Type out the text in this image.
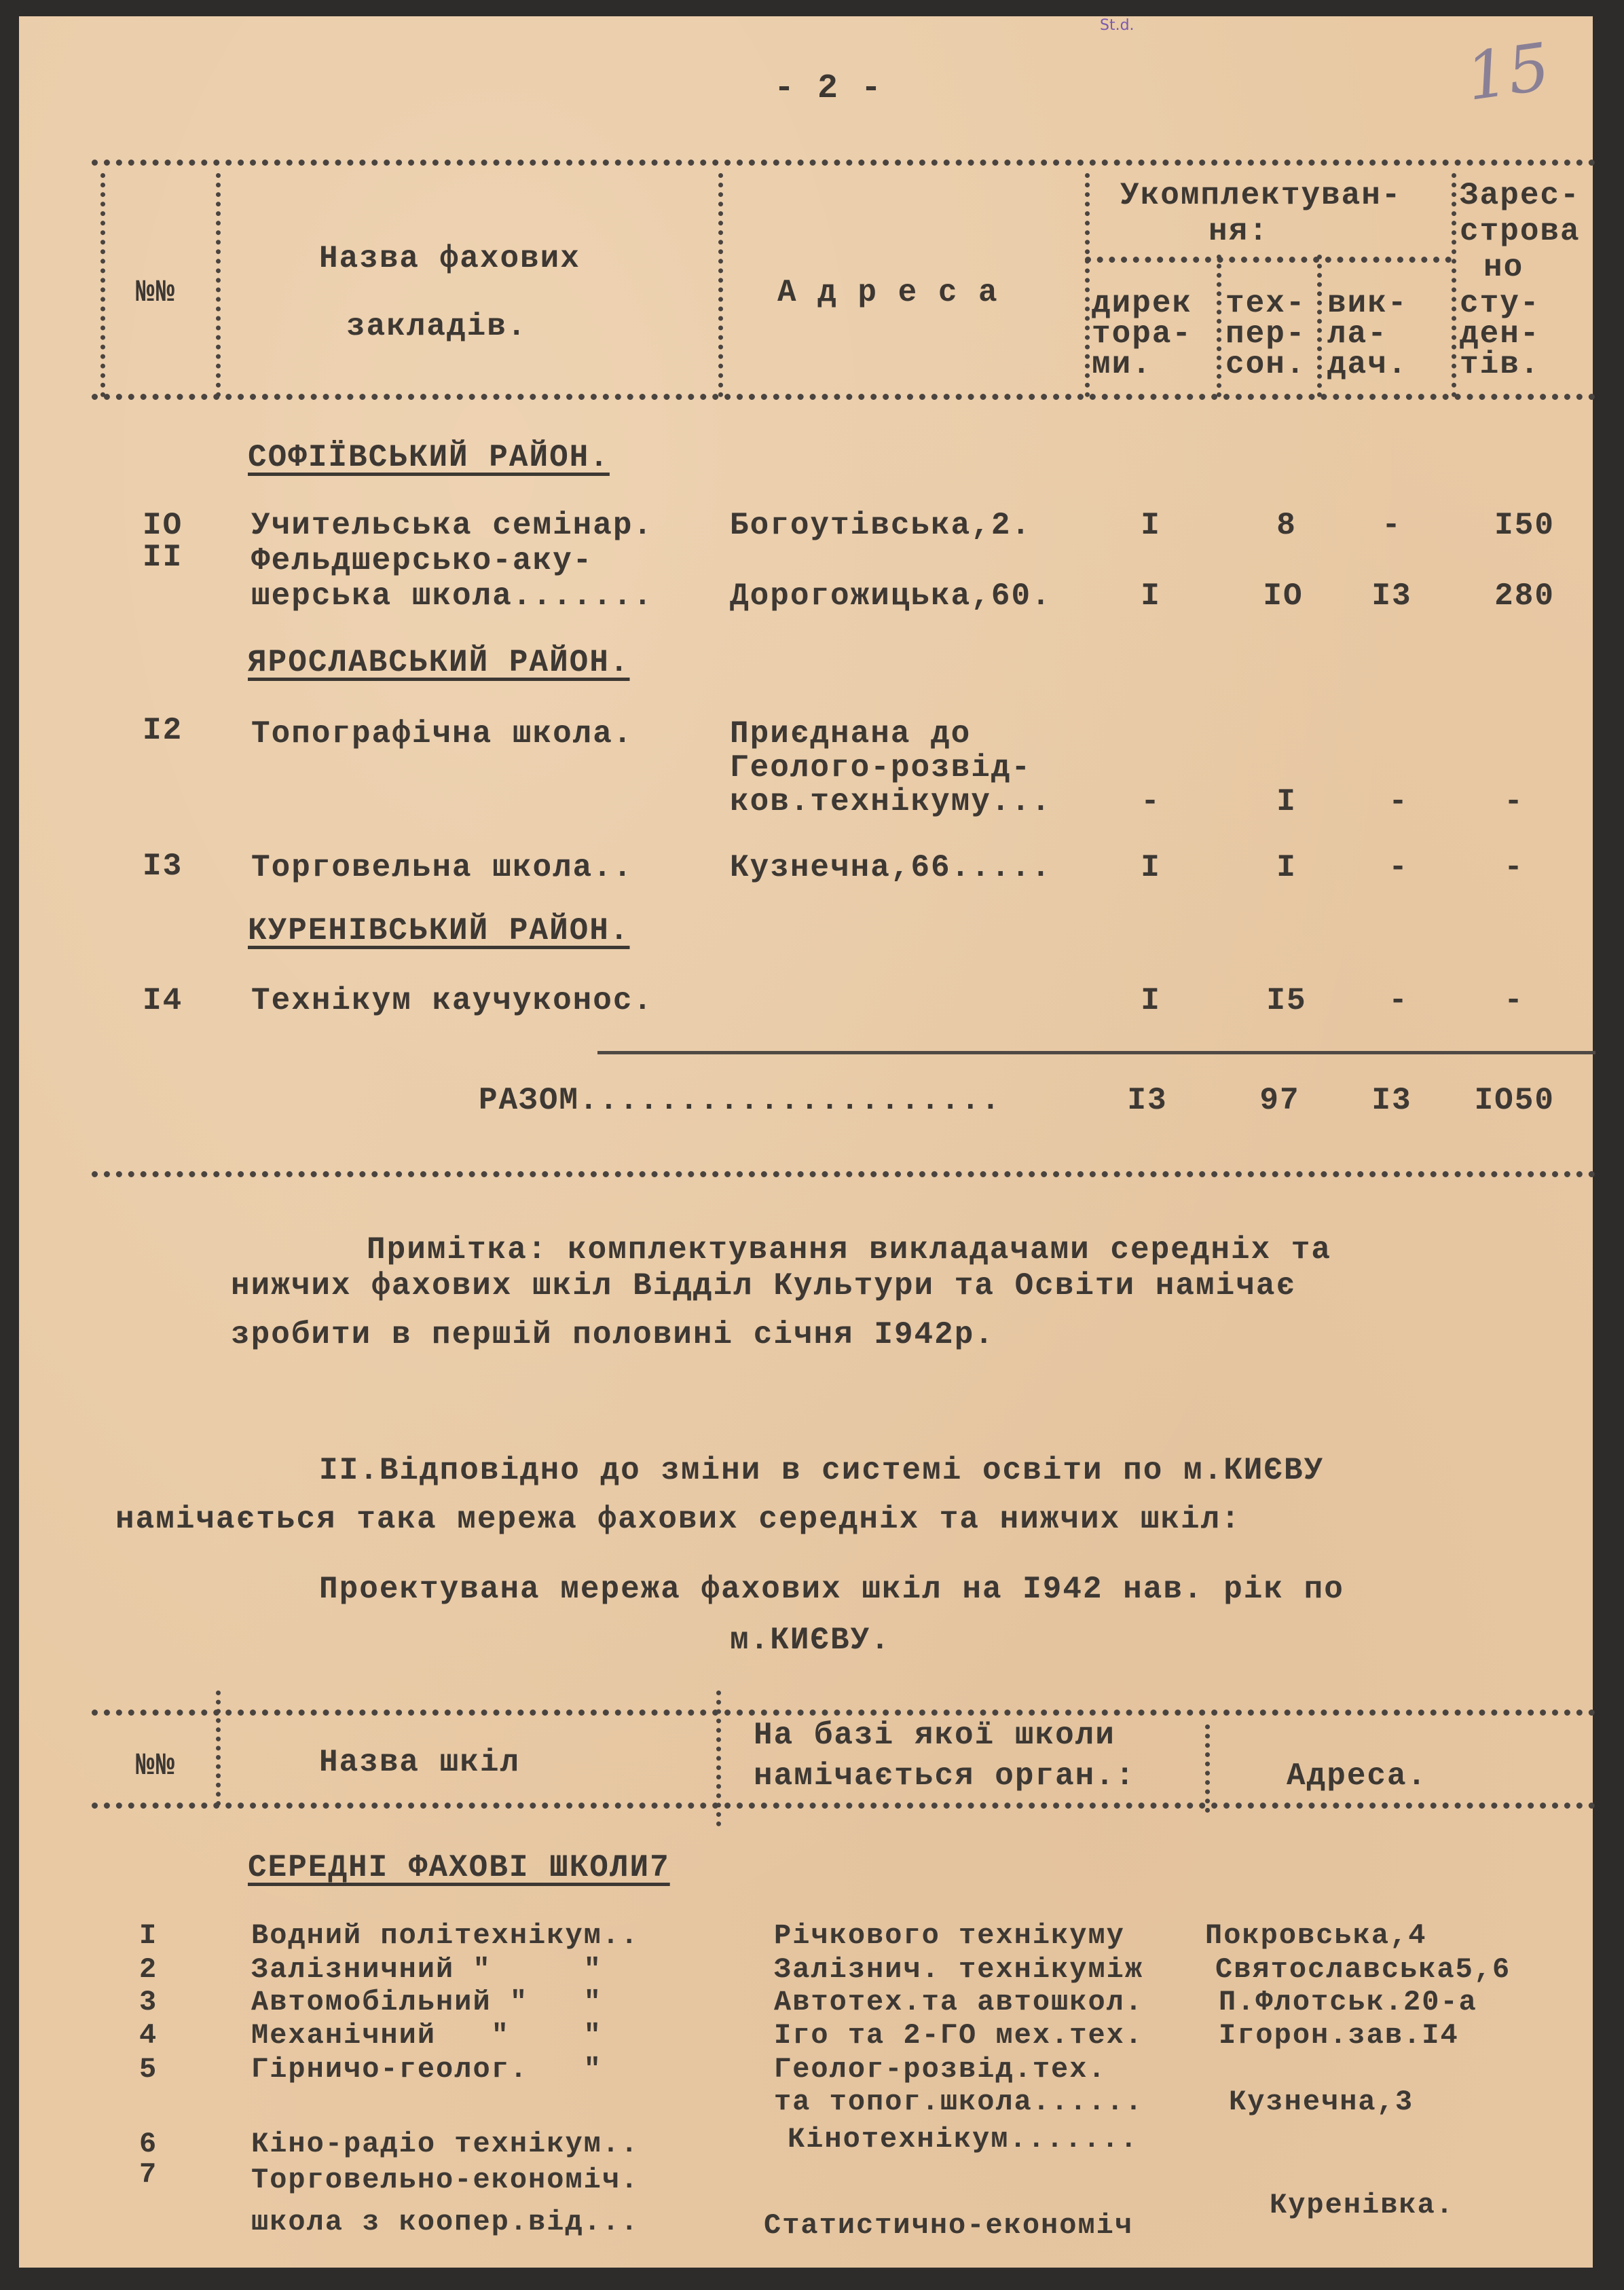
- 2 -	15
St.d.
№№
Назва фахових
закладів.
А д р е с а
Укомплектуван-
ня:
Зарес-
строва
но
сту-
ден-
тів.
дирек
тора-
ми.
тех-
пер-
сон.
вик-
ла-
дач.
СОФІЇВСЬКИЙ РАЙОН.
IO Учительська семінар. Богоутівська,2.	I	8	-	I50
II Фельдшерсько-аку-
шерська школа....... Дорогожицька,60.	I	IO	I3	280
ЯРОСЛАВСЬКИЙ РАЙОН.
I2 Топографічна школа.	Приєднана до
Геолого-розвід-
ков.технікуму...	-	I	-	-
I3 Торговельна школа..	Кузнечна,66.....	I	I	-	-
КУРЕНІВСЬКИЙ РАЙОН.
I4 Технікум каучуконос.	I	I5	-	-
РАЗОМ.....................	I3	97	I3	IO50
Примітка: комплектування викладачами середніх та
нижчих фахових шкіл Відділ Культури та Освіти намічає
зробити в першій половині січня I942р.
II.Відповідно до зміни в системі освіти по м.КИЄВУ
намічається така мережа фахових середніх та нижчих шкіл:
Проектувана мережа фахових шкіл на I942 нав. рік по
м.КИЄВУ.
№№	Назва шкіл
На базі якої школи
намічається орган.:	Адреса.
СЕРЕДНІ ФАХОВІ ШКОЛИ7
I	Водний політехнікум..	Річкового технікуму	Покровська,4
2	Залізничний "     "	Залізнич. технікуміж	Святославська5,6
3	Автомобільний "   "	Автотех.та автошкол.	П.Флотськ.20-а
4	Механічний   "    "	Іго та 2-ГО мех.тех.	Ігорон.зав.I4
5	Гірничо-геолог.   "	Геолог-розвід.тех.
та топог.школа......	Кузнечна,3
6	Кіно-радіо технікум..	Кінотехнікум.......
7	Торговельно-економіч.
школа з коопер.від...	Статистично-економіч
Куренівка.
